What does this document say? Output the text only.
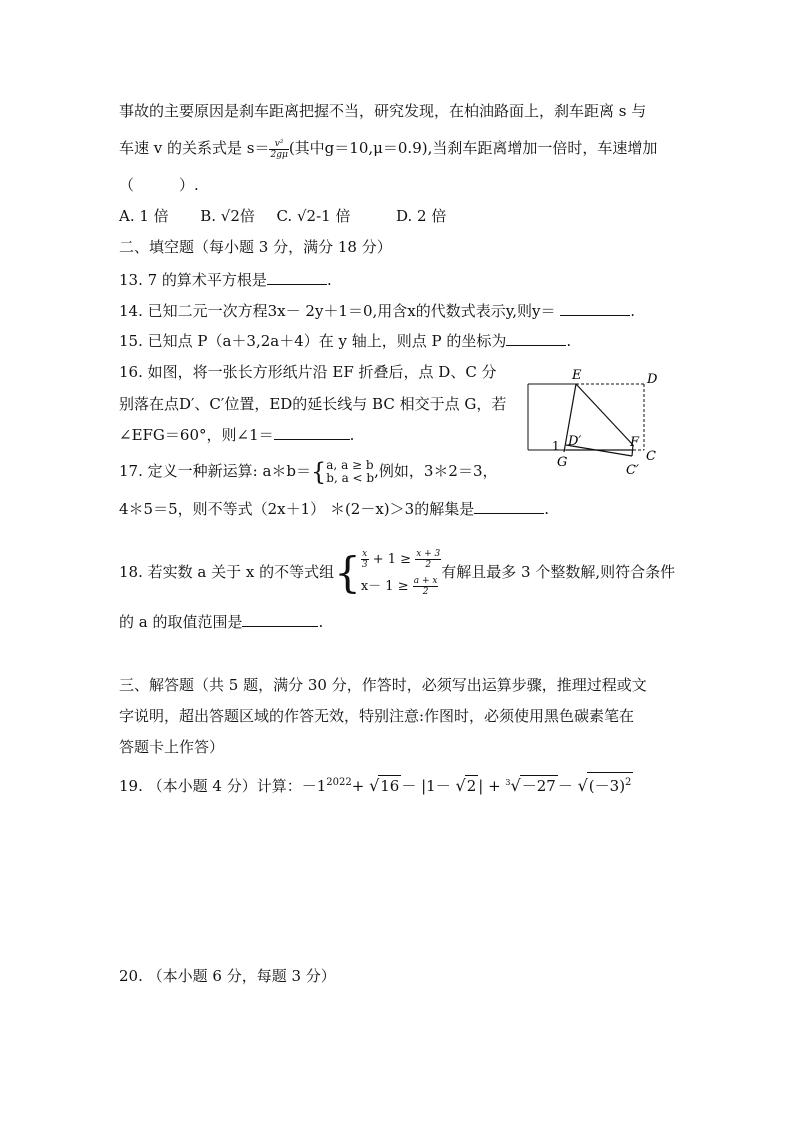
事故的主要原因是刹车距离把握不当，研究发现，在柏油路面上，刹车距离 s 与
车速 v 的关系式是 $s= \frac{\text{v²}}{2g\mu}$ (其中g＝10,μ＝0.9),当刹车距离增加一倍时，车速增加
（　　　）.
A. 1 倍 B. √2倍 C. √2-1 倍	D. 2 倍
二、填空题（每小题 3 分，满分 18 分）
13. 7 的算术平方根是	.
14. 已知二元一次方程3x－ 2y＋1＝0,用含x的代数式表示y,则y＝	.
15. 已知点 P（a＋3,2a＋4）在 y 轴上，则点 P 的坐标为	.
16. 如图，将一张长方形纸片沿 EF 折叠后，点 D、C 分
别落在点D′、C′位置，ED的延长线与 BC 相交于点 G，若
∠EFG＝60°，则∠1＝	.
E	D
D′	F
C
G
C′
1
17. 定义一种新运算: a＊b＝{ a, a ≥ b
b, a < b ,例如，3＊2＝3，
4＊5＝5，则不等式（2x＋1） ＊(2－x)＞3的解集是	.
18. 若实数 a 关于 x 的不等式组{ $\frac{x}{3} + 1 \ge \frac{x + 3}{2}$
$x- 1 \ge \frac{a + x}{2}$
有解且最多 3 个整数解,则符合条件
的 a 的取值范围是	.
三、解答题（共 5 题，满分 30 分，作答时，必须写出运算步骤，推理过程或文
字说明，超出答题区域的作答无效，特别注意:作图时，必须使用黑色碳素笔在
答题卡上作答）
19. （本小题 4 分）计算：$-1^{2022}+ √16 - |1- √2$ | + $^3√-27 - √(-3)^2$
20. （本小题 6 分，每题 3 分）
